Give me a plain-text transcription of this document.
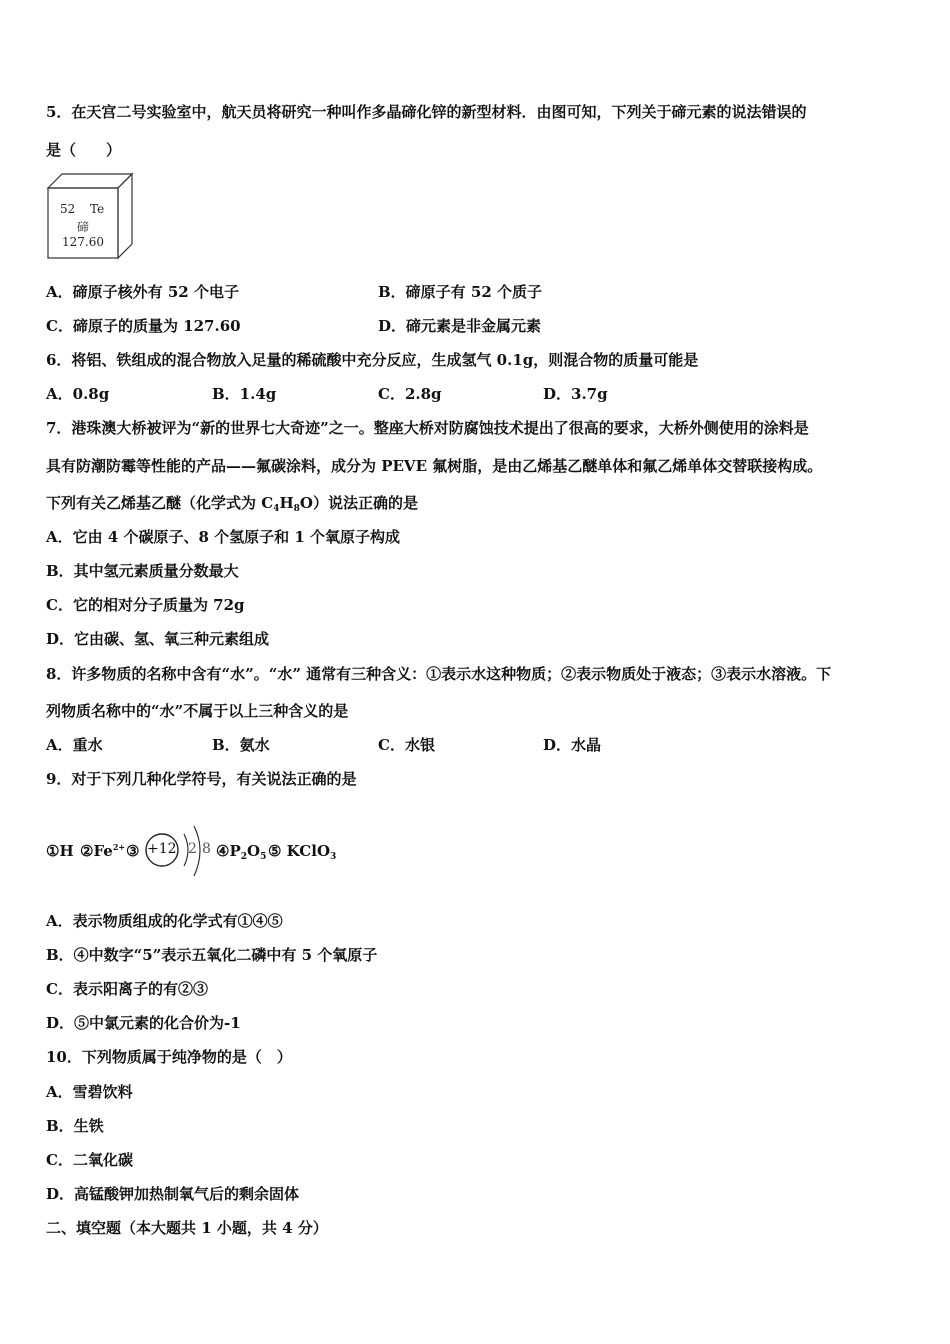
5．在天宫二号实验室中，航天员将研究一种叫作多晶碲化锌的新型材料．由图可知，下列关于碲元素的说法错误的
是（　　）
52 Te
碲
127.60
A．碲原子核外有 52 个电子	B．碲原子有 52 个质子
C．碲原子的质量为 127.60	D．碲元素是非金属元素
6．将铝、铁组成的混合物放入足量的稀硫酸中充分反应，生成氢气 0.1g，则混合物的质量可能是
A．0.8g	B．1.4g	C．2.8g	D．3.7g
7．港珠澳大桥被评为“新的世界七大奇迹”之一。整座大桥对防腐蚀技术提出了很高的要求，大桥外侧使用的涂料是
具有防潮防霉等性能的产品——氟碳涂料，成分为 PEVE 氟树脂，是由乙烯基乙醚单体和氟乙烯单体交替联接构成。
下列有关乙烯基乙醚（化学式为 $C_4H_8O$）说法正确的是
A．它由 4 个碳原子、8 个氢原子和 1 个氧原子构成
B．其中氢元素质量分数最大
C．它的相对分子质量为 72g
D．它由碳、氢、氧三种元素组成
8．许多物质的名称中含有“水”。“水” 通常有三种含义：①表示水这种物质；②表示物质处于液态；③表示水溶液。下
列物质名称中的“水”不属于以上三种含义的是
A．重水	B．氨水	C．水银	D．水晶
9．对于下列几种化学符号，有关说法正确的是
①H $②Fe^{2+}$ ③ +12 2 8 $④P_2O_5$ ⑤ KClO$_3$
A．表示物质组成的化学式有①④⑤
B．④中数字“5”表示五氧化二磷中有 5 个氧原子
C．表示阳离子的有②③
D．⑤中氯元素的化合价为-1
10．下列物质属于纯净物的是（　）
A．雪碧饮料
B．生铁
C．二氧化碳
D．高锰酸钾加热制氧气后的剩余固体
二、填空题（本大题共 1 小题，共 4 分）
